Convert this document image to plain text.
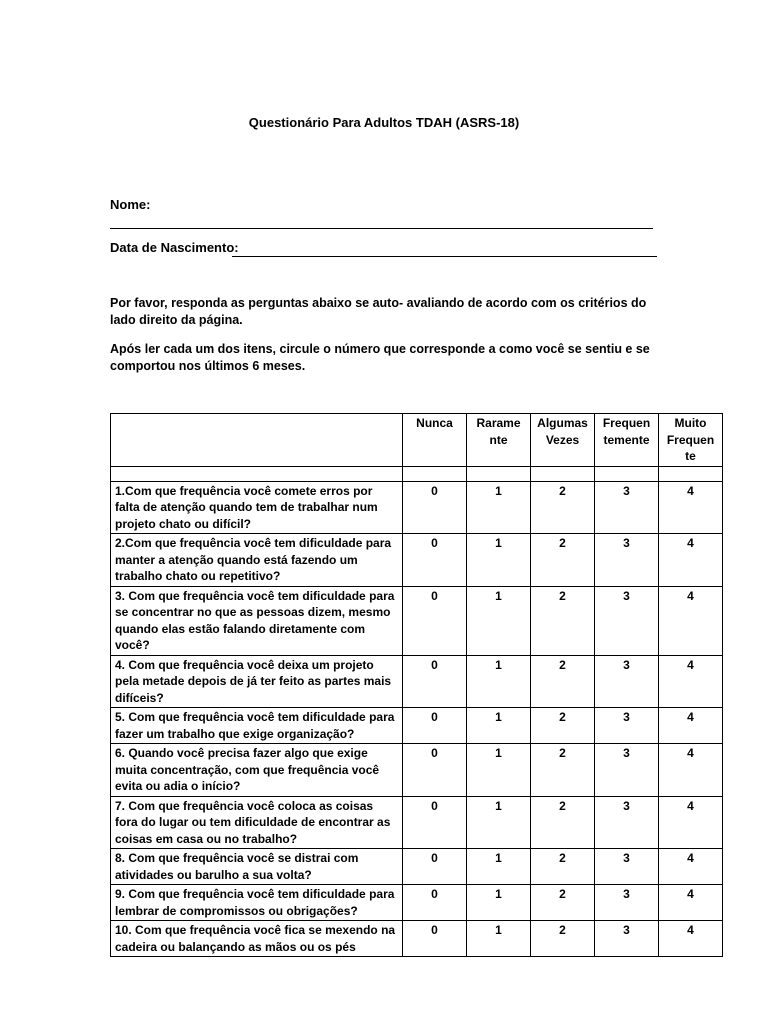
Questionário Para Adultos TDAH (ASRS-18)
Nome:
Data de Nascimento:
Por favor, responda as perguntas abaixo se auto- avaliando de acordo com os critérios do lado direito da página.
Após ler cada um dos itens, circule o número que corresponde a como você se sentiu e se comportou nos últimos 6 meses.
	Nunca	Rarame nte	Algumas Vezes	Frequen temente	Muito Frequen te

1.Com que frequência você comete erros por falta de atenção quando tem de trabalhar num projeto chato ou difícil?	0	1	2	3	4
2.Com que frequência você tem dificuldade para manter a atenção quando está fazendo um trabalho chato ou repetitivo?	0	1	2	3	4
3. Com que frequência você tem dificuldade para se concentrar no que as pessoas dizem, mesmo quando elas estão falando diretamente com você?	0	1	2	3	4
4. Com que frequência você deixa um projeto pela metade depois de já ter feito as partes mais difíceis?	0	1	2	3	4
5. Com que frequência você tem dificuldade para fazer um trabalho que exige organização?	0	1	2	3	4
6. Quando você precisa fazer algo que exige muita concentração, com que frequência você evita ou adia o início?	0	1	2	3	4
7. Com que frequência você coloca as coisas fora do lugar ou tem dificuldade de encontrar as coisas em casa ou no trabalho?	0	1	2	3	4
8. Com que frequência você se distrai com atividades ou barulho a sua volta?	0	1	2	3	4
9. Com que frequência você tem dificuldade para lembrar de compromissos ou obrigações?	0	1	2	3	4
10. Com que frequência você fica se mexendo na cadeira ou balançando as mãos ou os pés	0	1	2	3	4
